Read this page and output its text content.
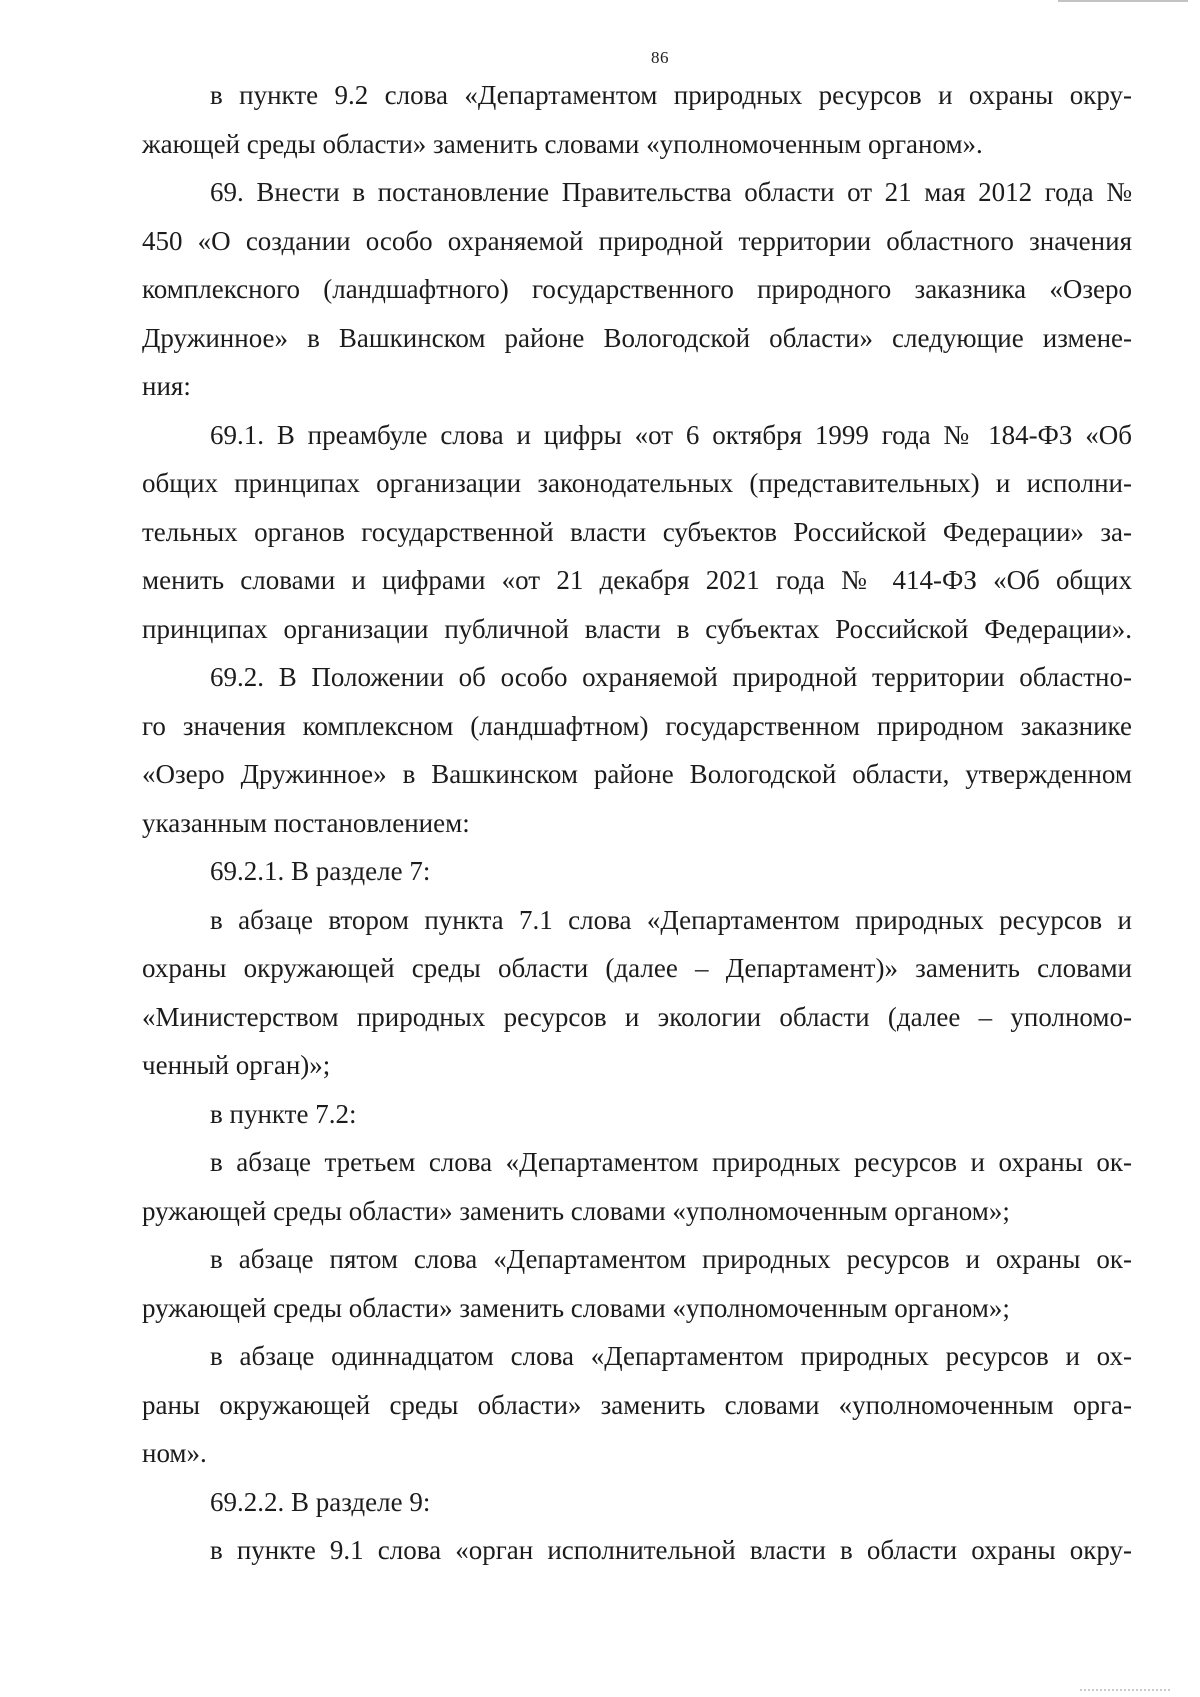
86
в пункте 9.2 слова «Департаментом природных ресурсов и охраны окру-
жающей среды области» заменить словами «уполномоченным органом».
69. Внести в постановление Правительства области от 21 мая 2012 года №
450 «О создании особо охраняемой природной территории областного значения
комплексного (ландшафтного) государственного природного заказника «Озеро
Дружинное» в Вашкинском районе Вологодской области» следующие измене-
ния:
69.1. В преамбуле слова и цифры «от 6 октября 1999 года № 184-ФЗ «Об
общих принципах организации законодательных (представительных) и исполни-
тельных органов государственной власти субъектов Российской Федерации» за-
менить словами и цифрами «от 21 декабря 2021 года № 414-ФЗ «Об общих
принципах организации публичной власти в субъектах Российской Федерации».
69.2. В Положении об особо охраняемой природной территории областно-
го значения комплексном (ландшафтном) государственном природном заказнике
«Озеро Дружинное» в Вашкинском районе Вологодской области, утвержденном
указанным постановлением:
69.2.1. В разделе 7:
в абзаце втором пункта 7.1 слова «Департаментом природных ресурсов и
охраны окружающей среды области (далее – Департамент)» заменить словами
«Министерством природных ресурсов и экологии области (далее – уполномо-
ченный орган)»;
в пункте 7.2:
в абзаце третьем слова «Департаментом природных ресурсов и охраны ок-
ружающей среды области» заменить словами «уполномоченным органом»;
в абзаце пятом слова «Департаментом природных ресурсов и охраны ок-
ружающей среды области» заменить словами «уполномоченным органом»;
в абзаце одиннадцатом слова «Департаментом природных ресурсов и ох-
раны окружающей среды области» заменить словами «уполномоченным орга-
ном».
69.2.2. В разделе 9:
в пункте 9.1 слова «орган исполнительной власти в области охраны окру-
